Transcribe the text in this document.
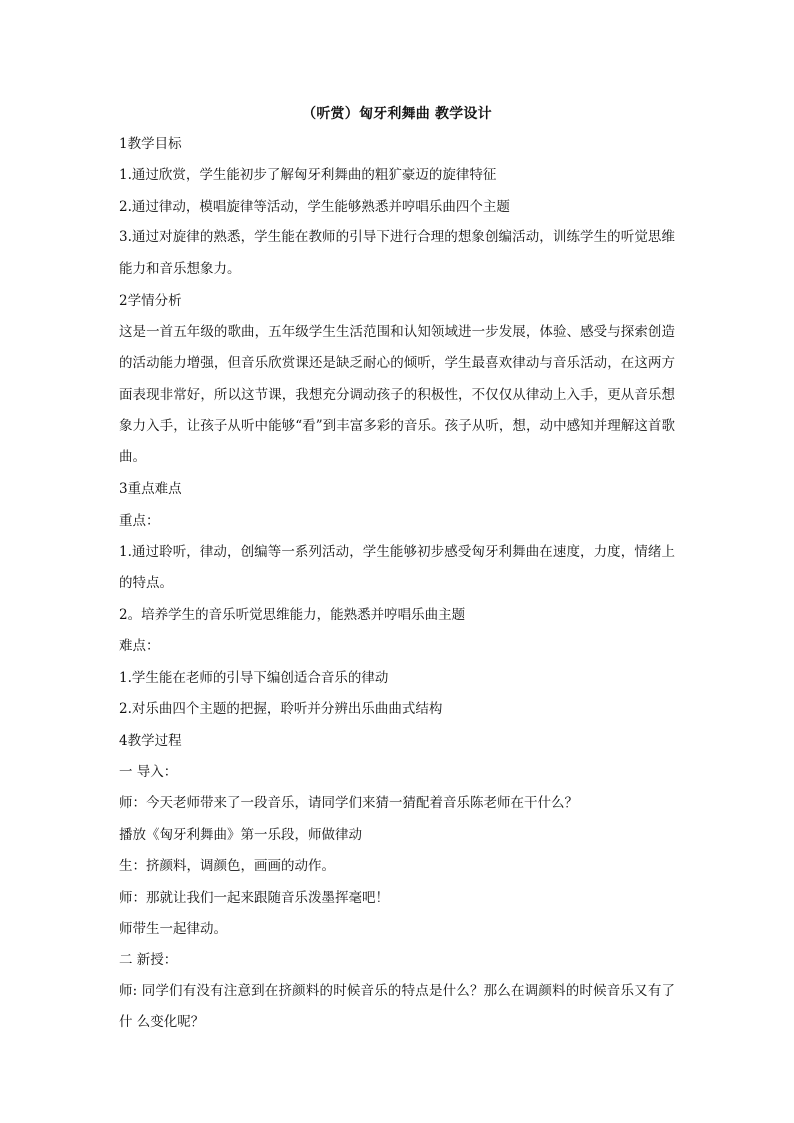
（听赏）匈牙利舞曲 教学设计
1教学目标
1.通过欣赏，学生能初步了解匈牙利舞曲的粗犷豪迈的旋律特征
2.通过律动，模唱旋律等活动，学生能够熟悉并哼唱乐曲四个主题
3.通过对旋律的熟悉，学生能在教师的引导下进行合理的想象创编活动，训练学生的听觉思维能力和音乐想象力。
2学情分析
这是一首五年级的歌曲，五年级学生生活范围和认知领域进一步发展，体验、感受与探索创造的活动能力增强，但音乐欣赏课还是缺乏耐心的倾听，学生最喜欢律动与音乐活动，在这两方面表现非常好，所以这节课，我想充分调动孩子的积极性，不仅仅从律动上入手，更从音乐想象力入手，让孩子从听中能够“看”到丰富多彩的音乐。孩子从听，想，动中感知并理解这首歌曲。
3重点难点
重点：
1.通过聆听，律动，创编等一系列活动，学生能够初步感受匈牙利舞曲在速度，力度，情绪上的特点。
2。培养学生的音乐听觉思维能力，能熟悉并哼唱乐曲主题
难点：
1.学生能在老师的引导下编创适合音乐的律动
2.对乐曲四个主题的把握，聆听并分辨出乐曲曲式结构
4教学过程
一 导入：
师：今天老师带来了一段音乐，请同学们来猜一猜配着音乐陈老师在干什么？
播放《匈牙利舞曲》第一乐段，师做律动
生：挤颜料，调颜色，画画的动作。
师：那就让我们一起来跟随音乐泼墨挥毫吧！
师带生一起律动。
二 新授：
师: 同学们有没有注意到在挤颜料的时候音乐的特点是什么？那么在调颜料的时候音乐又有了什 么变化呢？
